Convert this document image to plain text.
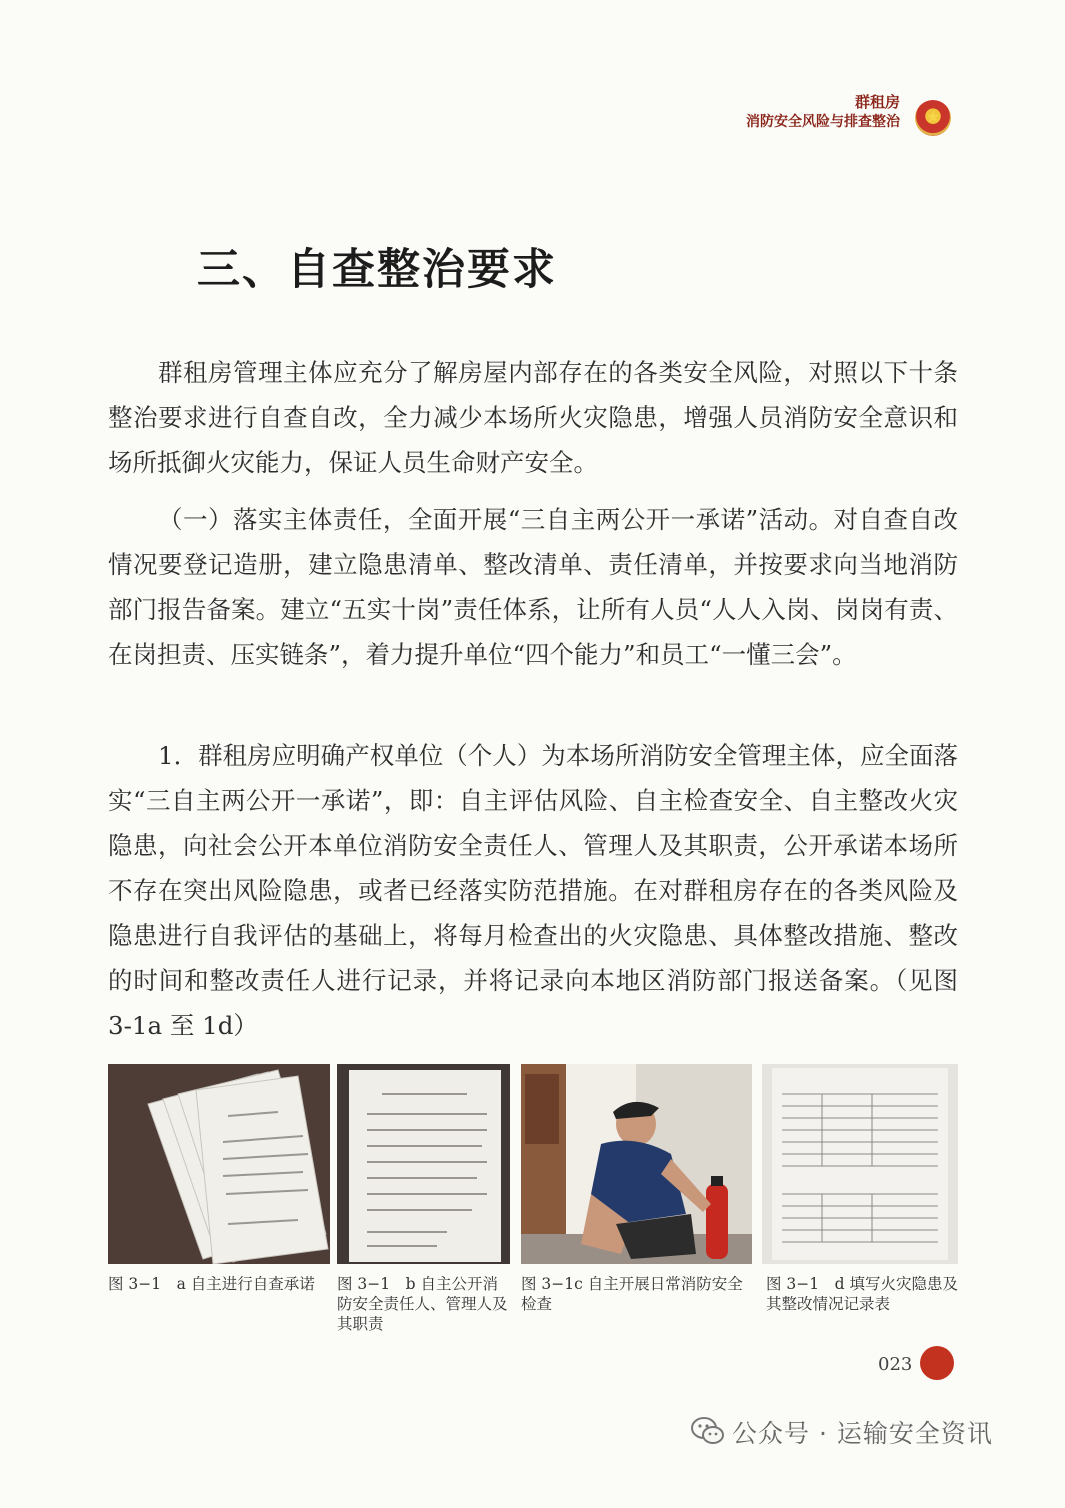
群租房
消防安全风险与排查整治	★
三、自查整治要求

群租房管理主体应充分了解房屋内部存在的各类安全风险，对照以下十条整治要求进行自查自改，全力减少本场所火灾隐患，增强人员消防安全意识和场所抵御火灾能力，保证人员生命财产安全。

（一）落实主体责任，全面开展“三自主两公开一承诺”活动。对自查自改情况要登记造册，建立隐患清单、整改清单、责任清单，并按要求向当地消防部门报告备案。建立“五实十岗”责任体系，让所有人员“人人入岗、岗岗有责、在岗担责、压实链条”，着力提升单位“四个能力”和员工“一懂三会”。

1．群租房应明确产权单位（个人）为本场所消防安全管理主体，应全面落实“三自主两公开一承诺”，即：自主评估风险、自主检查安全、自主整改火灾隐患，向社会公开本单位消防安全责任人、管理人及其职责，公开承诺本场所不存在突出风险隐患，或者已经落实防范措施。在对群租房存在的各类风险及隐患进行自我评估的基础上，将每月检查出的火灾隐患、具体整改措施、整改的时间和整改责任人进行记录，并将记录向本地区消防部门报送备案。（见图 3-1a 至 1d）

图 3−1　a 自主进行自查承诺	图 3−1　b 自主公开消防安全责任人、管理人及其职责
图 3−1c 自主开展日常消防安全检查
图 3−1　d 填写火灾隐患及其整改情况记录表
023
公众号 · 运输安全资讯
